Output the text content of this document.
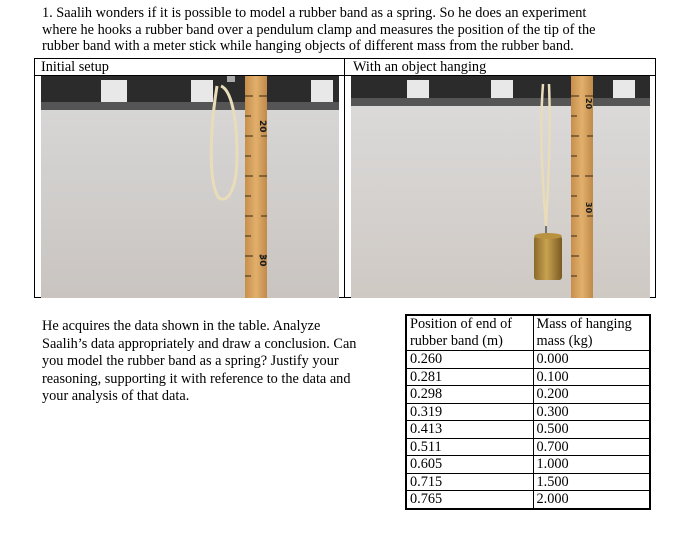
1. Saalih wonders if it is possible to model a rubber band as a spring. So he does an experiment

where he hooks a rubber band over a pendulum clamp and measures the position of the tip of the

rubber band with a meter stick while hanging objects of different mass from the rubber band.

Initial setup	With an object hanging
20
30
20
30

He acquires the data shown in the table. Analyze

Saalih’s data appropriately and draw a conclusion. Can

you model the rubber band as a spring? Justify your

reasoning, supporting it with reference to the data and

your analysis of that data.

Position of end of rubber band (m)	Mass of hanging mass (kg)
0.260	0.000
0.281	0.100
0.298	0.200
0.319	0.300
0.413	0.500
0.511	0.700
0.605	1.000
0.715	1.500
0.765	2.000
